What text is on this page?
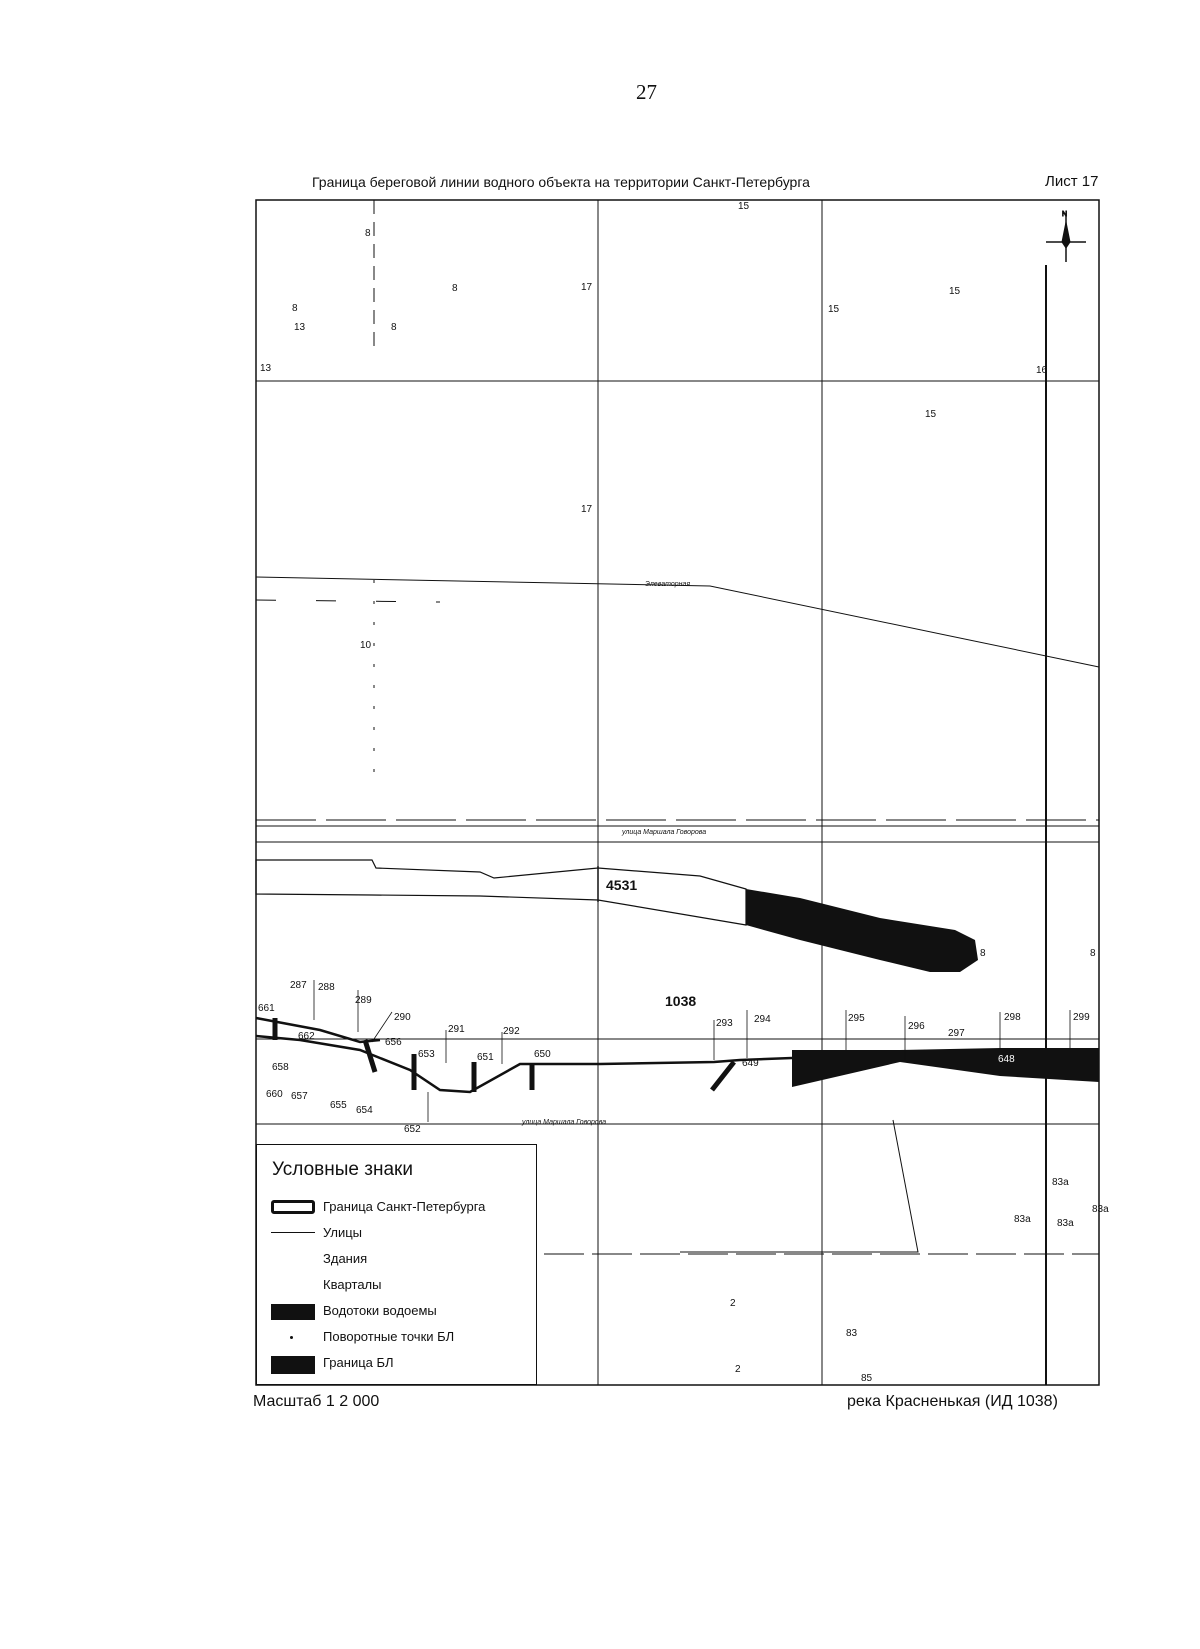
27
Граница береговой линии водного объекта на территории Санкт-Петербурга	Лист 17
N
8
8
8
13	8
13
17
15
15
15
15
16
17
10
83а
83а	83а
83а
2
2
83
85
4531
1038
Элеваторная
улица Маршала Говорова
улица Маршала Говорова
287 288
289
290
291	292
293 294	295
296
297
298	299
650
651
652
653
654
655
656
657
658
660
661
662
649	648
8	8
Условные знаки
Граница Санкт-Петербурга
Улицы
Здания
Кварталы
Водотоки водоемы
Поворотные точки БЛ
Граница БЛ
Масштаб 1 2 000	река Красненькая (ИД 1038)
